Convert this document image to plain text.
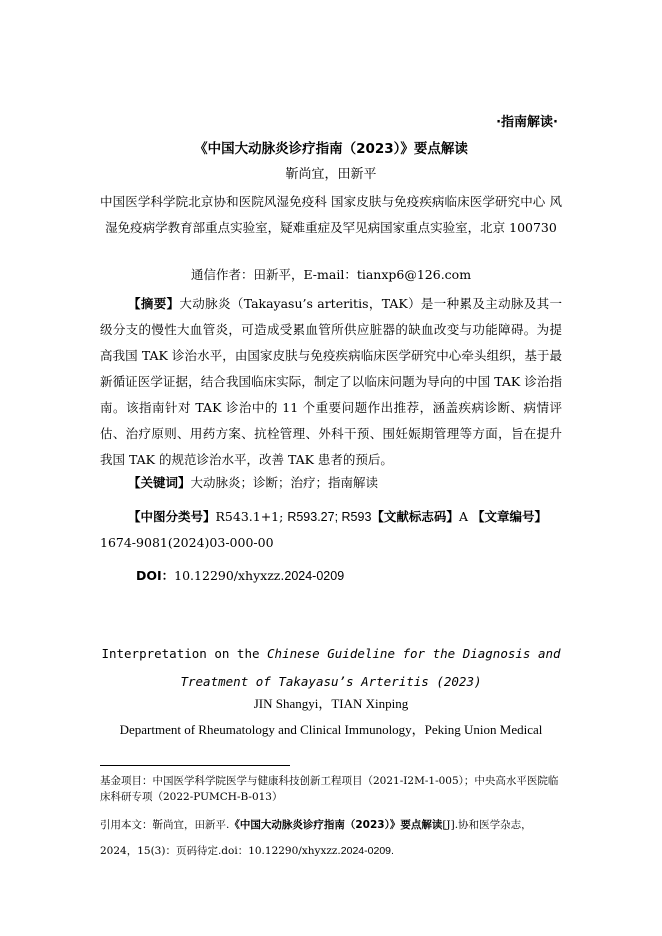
·指南解读·
《中国大动脉炎诊疗指南（2023）》要点解读
靳尚宜，田新平
中国医学科学院北京协和医院风湿免疫科 国家皮肤与免疫疾病临床医学研究中心 风湿免疫病学教育部重点实验室，疑难重症及罕见病国家重点实验室，北京 100730
通信作者：田新平，E-mail：tianxp6@126.com
【摘要】大动脉炎（Takayasu’s arteritis，TAK）是一种累及主动脉及其一级分支的慢性大血管炎，可造成受累血管所供应脏器的缺血改变与功能障碍。为提高我国 TAK 诊治水平，由国家皮肤与免疫疾病临床医学研究中心牵头组织，基于最新循证医学证据，结合我国临床实际，制定了以临床问题为导向的中国 TAK 诊治指南。该指南针对 TAK 诊治中的 11 个重要问题作出推荐，涵盖疾病诊断、病情评估、治疗原则、用药方案、抗栓管理、外科干预、围妊娠期管理等方面，旨在提升我国 TAK 的规范诊治水平，改善 TAK 患者的预后。
【关键词】大动脉炎；诊断；治疗；指南解读
【中图分类号】R543.1+1; R593.27; R593【文献标志码】A 【文章编号】1674-9081(2024)03-000-00
DOI：10.12290/xhyxzz.2024-0209
Interpretation on the Chinese Guideline for the Diagnosis and
Treatment of Takayasu’s Arteritis (2023)
JIN Shangyi，TIAN Xinping
Department of Rheumatology and Clinical Immunology，Peking Union Medical
基金项目：中国医学科学院医学与健康科技创新工程项目（2021-I2M-1-005）；中央高水平医院临床科研专项（2022-PUMCH-B-013）
引用本文：靳尚宜，田新平.《中国大动脉炎诊疗指南（2023）》要点解读[J].协和医学杂志，2024，15(3)：页码待定.doi：10.12290/xhyxzz.2024-0209.
